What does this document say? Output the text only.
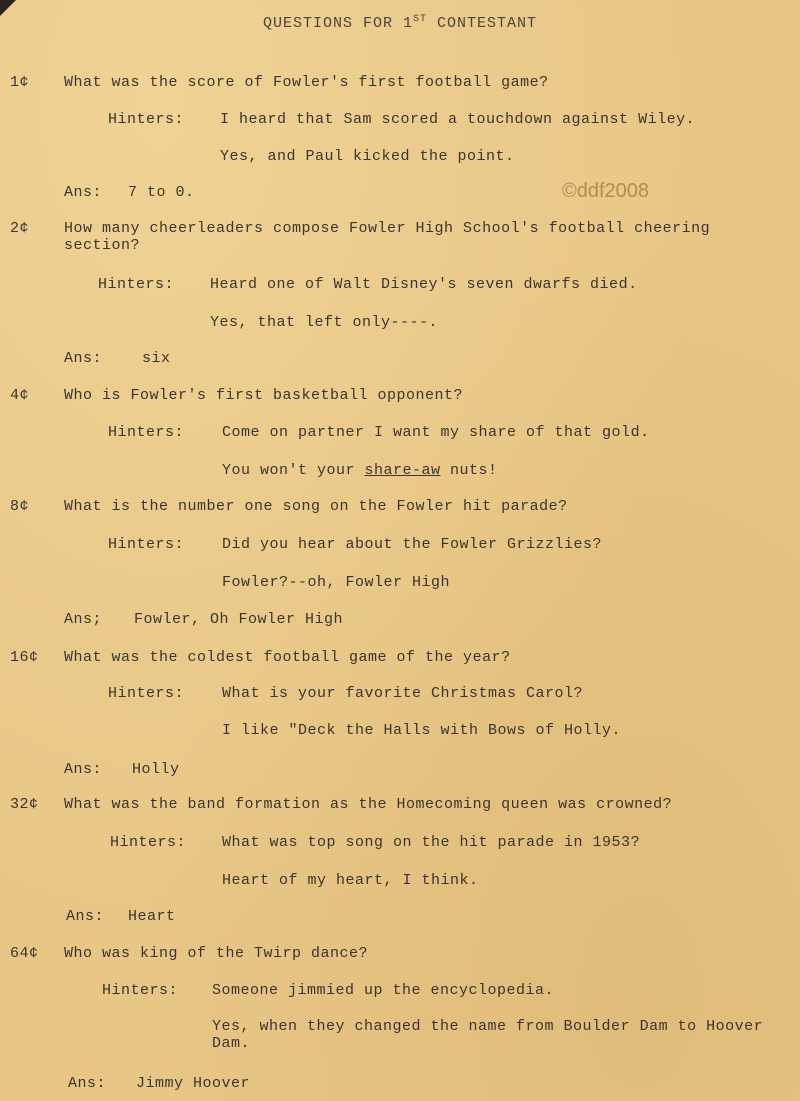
QUESTIONS FOR 1ST CONTESTANT
©ddf2008
1¢ What was the score of Fowler's first football game?
Hinters: I heard that Sam scored a touchdown against Wiley.
Yes, and Paul kicked the point.
Ans: 7 to 0.
2¢ How many cheerleaders compose Fowler High School's football cheering section?
Hinters: Heard one of Walt Disney's seven dwarfs died.
Yes, that left only----.
Ans:	six
4¢ Who is Fowler's first basketball opponent?
Hinters:	Come on partner I want my share of that gold.
You won't your share-aw nuts!
8¢ What is the number one song on the Fowler hit parade?
Hinters:	Did you hear about the Fowler Grizzlies?
Fowler?--oh, Fowler High
Ans; Fowler, Oh Fowler High
16¢ What was the coldest football game of the year?
Hinters:	What is your favorite Christmas Carol?
I like "Deck the Halls with Bows of Holly.
Ans: Holly
32¢ What was the band formation as the Homecoming queen was crowned?
Hinters: What was top song on the hit parade in 1953?
Heart of my heart, I think.
Ans: Heart
64¢ Who was king of the Twirp dance?
Hinters: Someone jimmied up the encyclopedia.
Yes, when they changed the name from Boulder Dam to Hoover Dam.
Ans: Jimmy Hoover
